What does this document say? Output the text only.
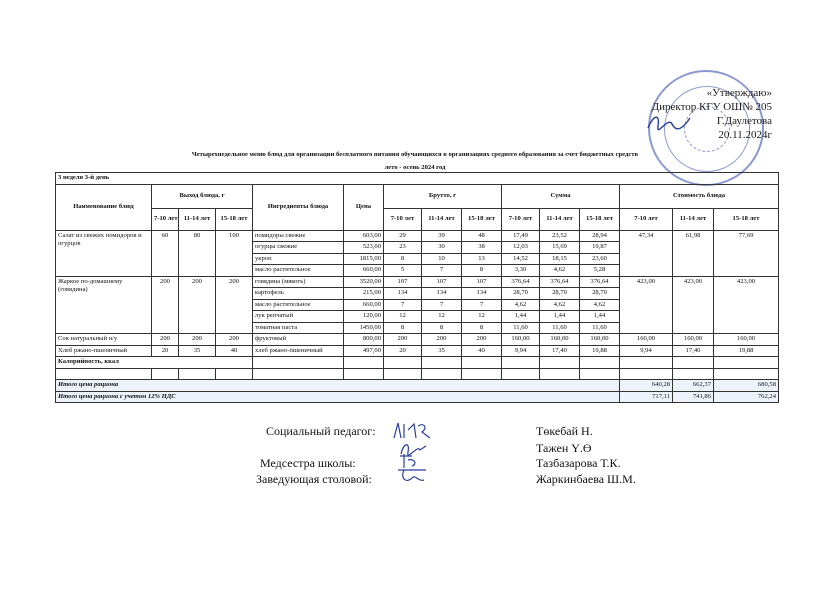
«Утверждаю»
Директор КГУ ОШ№ 205
Г.Даулетова
20.11.2024г
Четырехнедельное меню блюд для организации бесплатного питания обучающихся в организациях среднего образования за счет бюджетных средств
лето - осень 2024 год
3 неделя 3-й день														
Наименование блюд	Выход блюда, г			Ингредиенты блюда	Цена	Брутто, г			Сумма			Стоимость блюда		
	7-10 лет	11-14 лет	15-18 лет			7-10 лет	11-14 лет	15-18 лет	7-10 лет	11-14 лет	15-18 лет	7-10 лет	11-14 лет	15-18 лет
Салат из свежих помидоров и огурцов	60	80	100	помидоры свежие	603,00	29	39	48	17,49	23,52	28,94	47,34	61,98	77,69
				огурцы свежие	523,00	23	30	38	12,03	15,69	19,87			
				укроп	1815,00	8	10	13	14,52	18,15	23,60			
				масло растительное	660,00	5	7	8	3,30	4,62	5,28			
Жаркое по-домашнему (говядина)	200	200	200	говядина (мякоть)	3520,00	107	107	107	376,64	376,64	376,64	423,00	423,00	423,00
				картофель	215,00	134	134	134	28,70	28,70	28,70			
				масло растительное	660,00	7	7	7	4,62	4,62	4,62			
				лук репчатый	120,00	12	12	12	1,44	1,44	1,44			
				томатная паста	1450,00	8	8	8	11,60	11,60	11,60			
Сок натуральный н/у	200	200	200	фруктовый	800,00	200	200	200	160,00	160,00	160,00	160,00	160,00	160,00
Хлеб ржано-пшеничный	20	35	40	хлеб ржано-пшеничный	497,00	20	35	40	9,94	17,40	19,88	9,94	17,40	19,88
Калорийность, ккал														

Итого цена рациона												640,28	662,37	680,58
Итого цена рациона с учетом 12% НДС												717,11	741,86	762,24
Социальный педагог:	Төкебай Н.
Тажен Ү.Ө
Медсестра школы:	Тазбазарова Т.К.
Заведующая столовой:	Жаркинбаева Ш.М.
